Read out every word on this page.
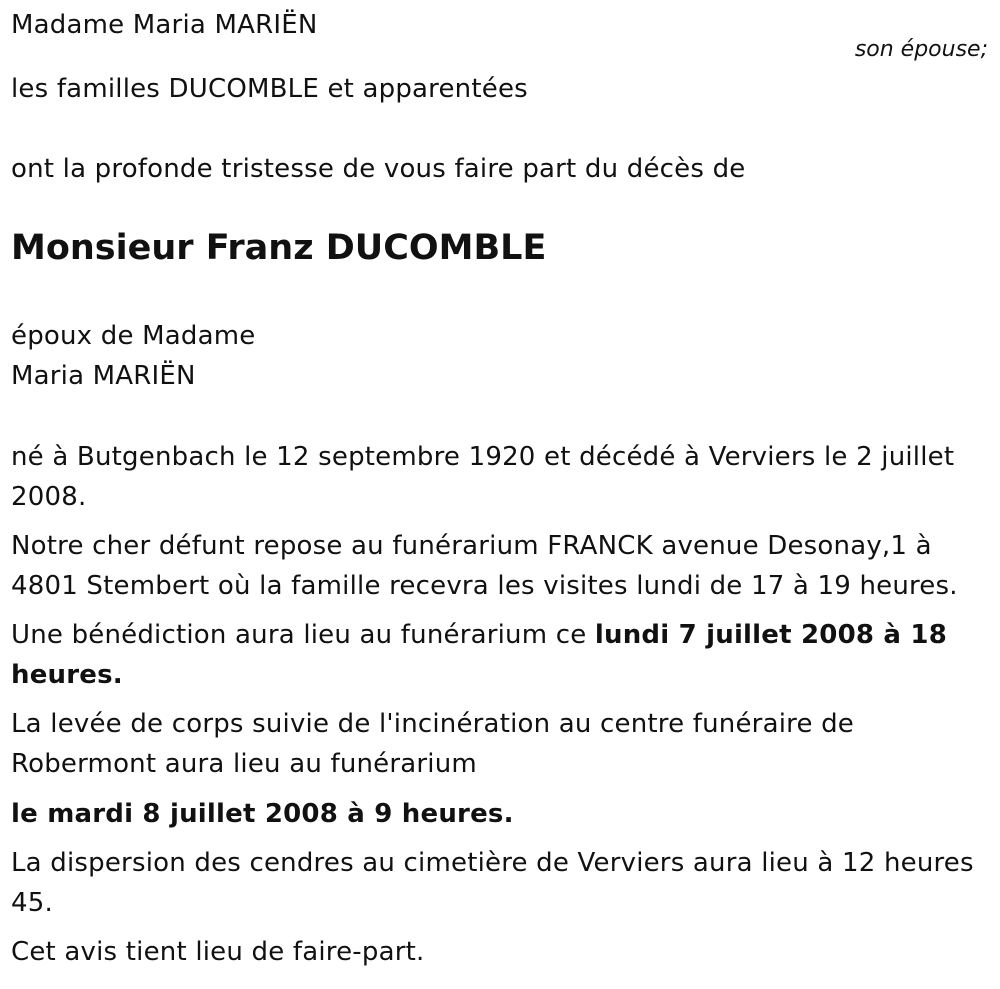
Madame Maria MARIËN
son épouse;
les familles DUCOMBLE et apparentées
ont la profonde tristesse de vous faire part du décès de
Monsieur Franz DUCOMBLE
époux de Madame
Maria MARIËN
né à Butgenbach le 12 septembre 1920 et décédé à Verviers le 2 juillet 2008.
Notre cher défunt repose au funérarium FRANCK avenue Desonay,1 à 4801 Stembert où la famille recevra les visites lundi de 17 à 19 heures.
Une bénédiction aura lieu au funérarium ce lundi 7 juillet 2008 à 18 heures.
La levée de corps suivie de l'incinération au centre funéraire de Robermont aura lieu au funérarium
le mardi 8 juillet 2008 à 9 heures.
La dispersion des cendres au cimetière de Verviers aura lieu à 12 heures 45.
Cet avis tient lieu de faire-part.
